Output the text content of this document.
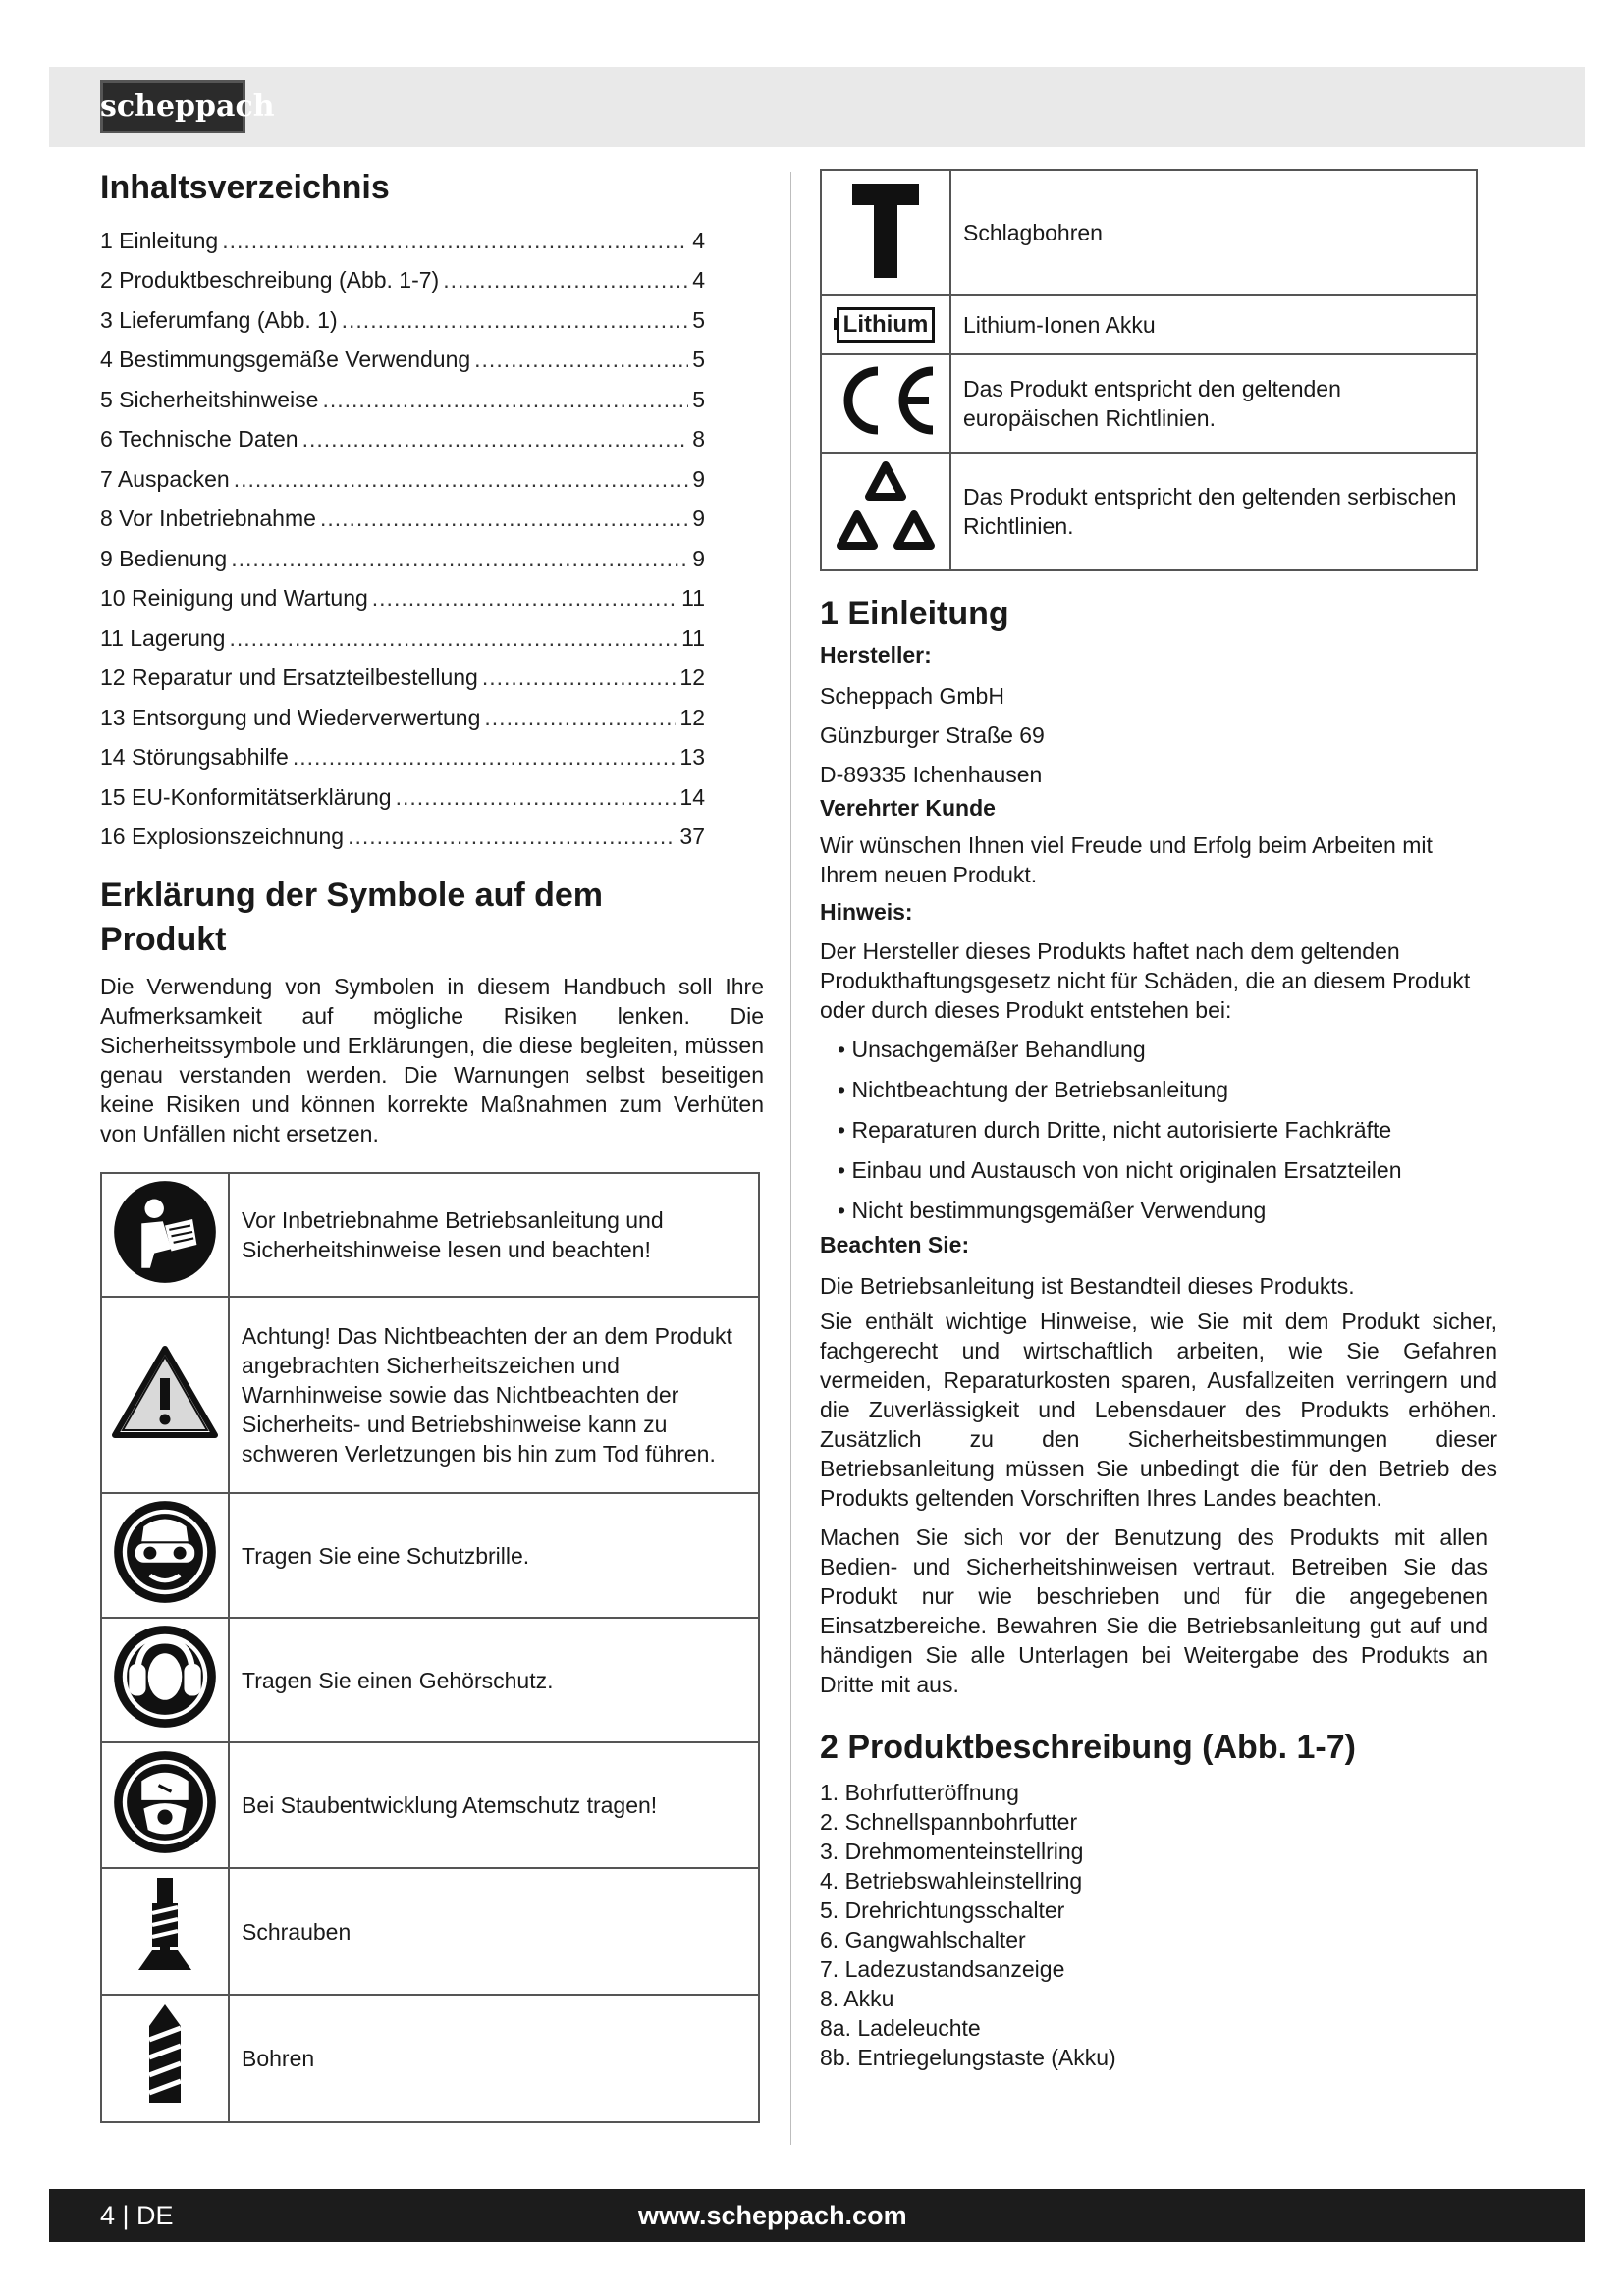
scheppach
Inhaltsverzeichnis
1 Einleitung .....	4
2 Produktbeschreibung (Abb. 1-7) .....	4
3 Lieferumfang (Abb. 1) .....	5
4 Bestimmungsgemäße Verwendung .....	5
5 Sicherheitshinweise .....	5
6 Technische Daten .....	8
7 Auspacken .....	9
8 Vor Inbetriebnahme .....	9
9 Bedienung .....	9
10 Reinigung und Wartung .....	11
11 Lagerung .....	11
12 Reparatur und Ersatzteilbestellung .....	12
13 Entsorgung und Wiederverwertung .....	12
14 Störungsabhilfe .....	13
15 EU-Konformitätserklärung .....	14
16 Explosionszeichnung .....	37
Erklärung der Symbole auf dem Produkt

Die Verwendung von Symbolen in diesem Handbuch soll Ihre Aufmerksamkeit auf mögliche Risiken lenken. Die Sicherheitssymbole und Erklärungen, die diese begleiten, müssen genau verstanden werden. Die Warnungen selbst beseitigen keine Risiken und können korrekte Maßnahmen zum Verhüten von Unfällen nicht ersetzen.

	Vor Inbetriebnahme Betriebsanleitung und Sicherheitshinweise lesen und beachten!
	Achtung! Das Nichtbeachten der an dem Produkt angebrachten Sicherheitszeichen und Warnhinweise sowie das Nichtbeachten der Sicherheits- und Betriebshinweise kann zu schweren Verletzungen bis hin zum Tod führen.
	Tragen Sie eine Schutzbrille.
	Tragen Sie einen Gehörschutz.
	Bei Staubentwicklung Atemschutz tragen!
	Schrauben
	Bohren
	Schlagbohren

Lithium	Lithium-Ionen Akku
	Das Produkt entspricht den geltenden europäischen Richtlinien.
	Das Produkt entspricht den geltenden serbischen Richtlinien.
1 Einleitung
Hersteller:
Scheppach GmbH
Günzburger Straße 69
D-89335 Ichenhausen
Verehrter Kunde

Wir wünschen Ihnen viel Freude und Erfolg beim Arbeiten mit Ihrem neuen Produkt.

Hinweis:

Der Hersteller dieses Produkts haftet nach dem geltenden Produkthaftungsgesetz nicht für Schäden, die an diesem Produkt oder durch dieses Produkt entstehen bei:

• Unsachgemäßer Behandlung
• Nichtbeachtung der Betriebsanleitung
• Reparaturen durch Dritte, nicht autorisierte Fachkräfte
• Einbau und Austausch von nicht originalen Ersatzteilen
• Nicht bestimmungsgemäßer Verwendung
Beachten Sie:

Die Betriebsanleitung ist Bestandteil dieses Produkts.

Sie enthält wichtige Hinweise, wie Sie mit dem Produkt sicher, fachgerecht und wirtschaftlich arbeiten, wie Sie Gefahren vermeiden, Reparaturkosten sparen, Ausfallzeiten verringern und die Zuverlässigkeit und Lebensdauer des Produkts erhöhen. Zusätzlich zu den Sicherheitsbestimmungen dieser Betriebsanleitung müssen Sie unbedingt die für den Betrieb des Produkts geltenden Vorschriften Ihres Landes beachten.

Machen Sie sich vor der Benutzung des Produkts mit allen Bedien- und Sicherheitshinweisen vertraut. Betreiben Sie das Produkt nur wie beschrieben und für die angegebenen Einsatzbereiche. Bewahren Sie die Betriebsanleitung gut auf und händigen Sie alle Unterlagen bei Weitergabe des Produkts an Dritte mit aus.

2 Produktbeschreibung (Abb. 1-7)
1. Bohrfutteröffnung
2. Schnellspannbohrfutter
3. Drehmomenteinstellring
4. Betriebswahleinstellring
5. Drehrichtungsschalter
6. Gangwahlschalter
7. Ladezustandsanzeige
8. Akku
8a. Ladeleuchte
8b. Entriegelungstaste (Akku)
4 | DE	www.scheppach.com
